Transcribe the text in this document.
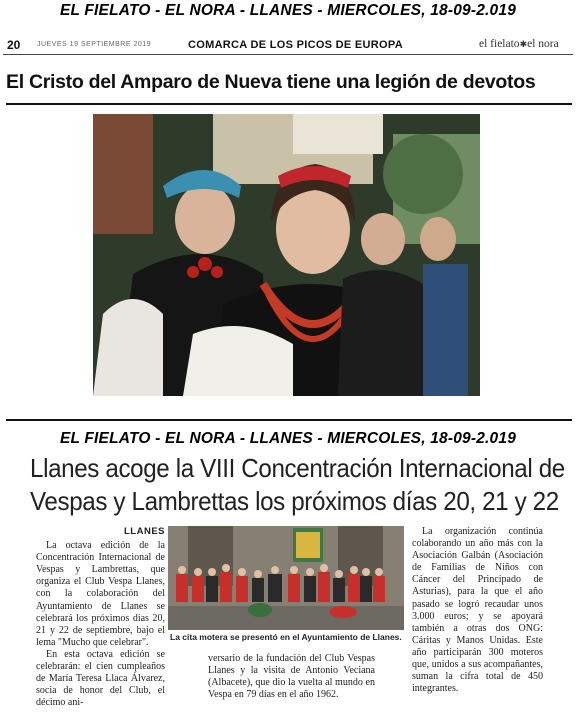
EL FIELATO - EL NORA - LLANES - MIERCOLES, 18-09-2.019
20 JUEVES 19 SEPTIEMBRE 2019	COMARCA DE LOS PICOS DE EUROPA	el fielato✱el nora
El Cristo del Amparo de Nueva tiene una legión de devotos
EL FIELATO - EL NORA - LLANES - MIERCOLES, 18-09-2.019
Llanes acoge la VIII Concentración Internacional de
Vespas y Lambrettas los próximos días 20, 21 y 22

LLANES

La octava edición de la Concentración Internacional de Vespas y Lambrettas, que organiza el Club Vespa Llanes, con la colaboración del Ayuntamiento de Llanes se celebrará los próximos días 20, 21 y 22 de septiembre, bajo el lema "Mucho que celebrar".

En esta octava edición se celebrarán: el cien cumpleaños de María Teresa Llaca Álvarez, socia de honor del Club, el décimo ani-

La cita motera se presentó en el Ayuntamiento de Llanes.

versario de la fundación del Club Vespas Llanes y la visita de Antonio Veciana (Albacete), que dio la vuelta al mundo en Vespa en 79 días en el año 1962.

La organización continúa colaborando un año más con la Asociación Galbán (Asociación de Familias de Niños con Cáncer del Principado de Asturias), para la que el año pasado se logró recaudar unos 3.000 euros; y se apoyará también a otras dos ONG: Cáritas y Manos Unidas. Este año participarán 300 moteros que, unidos a sus acompañantes, suman la cifra total de 450 integrantes.
